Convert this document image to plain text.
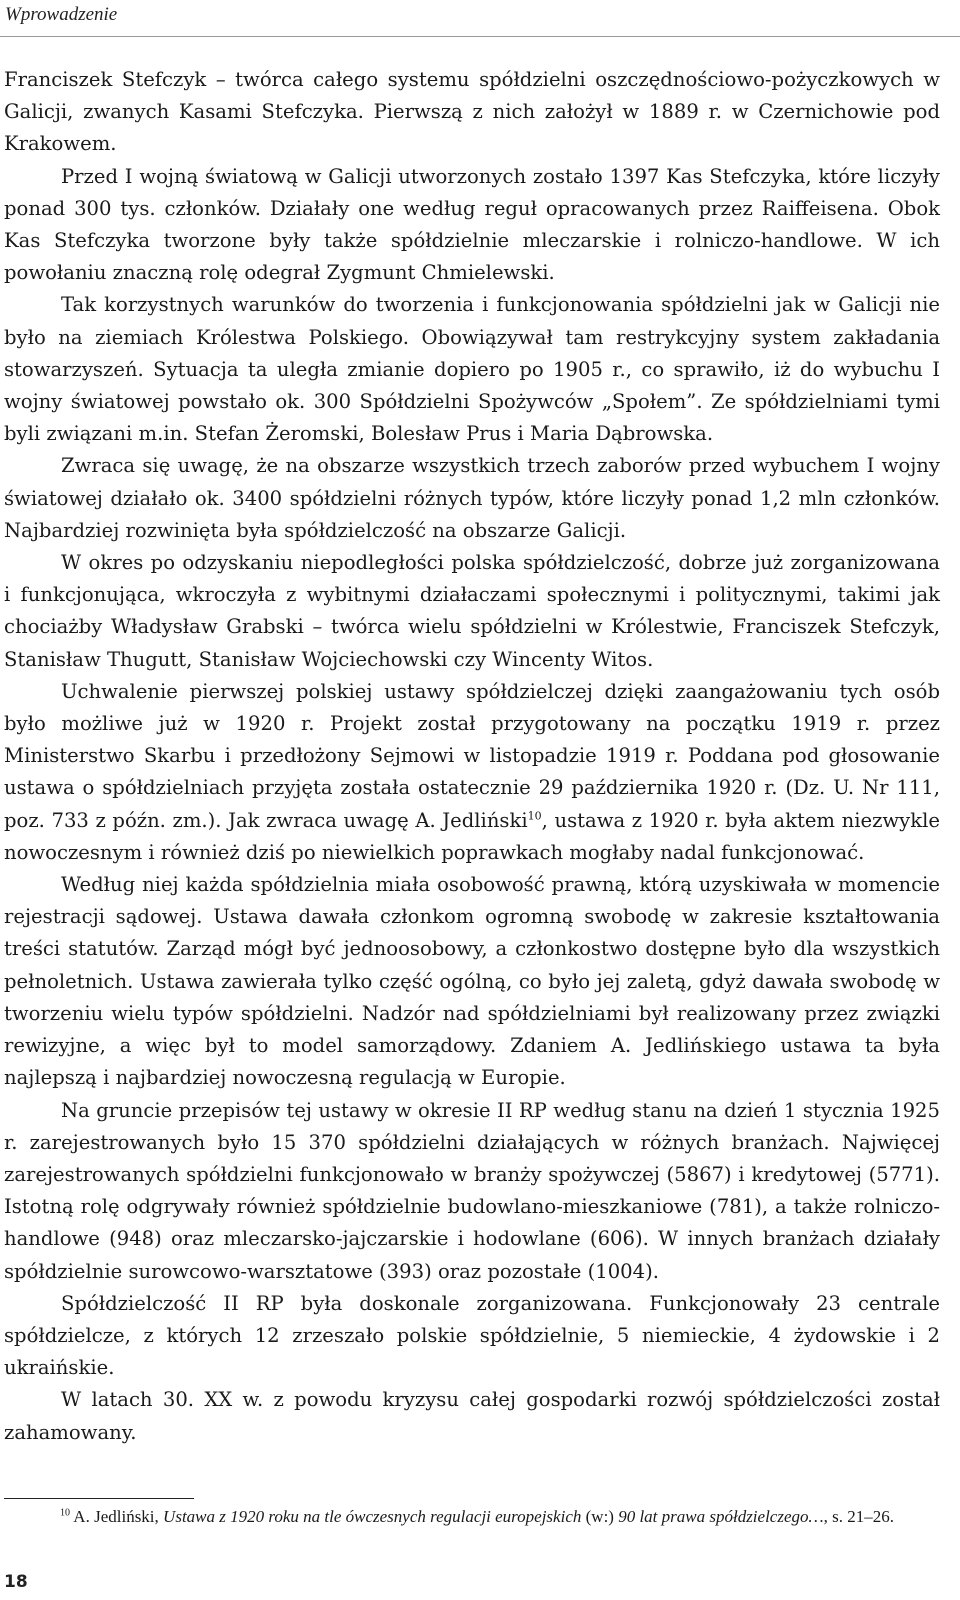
Wprowadzenie

Franciszek Stefczyk – twórca całego systemu spółdzielni oszczędnościowo-pożyczkowych w Galicji, zwanych Kasami Stefczyka. Pierwszą z nich założył w 1889 r. w Czernichowie pod Krakowem.

Przed I wojną światową w Galicji utworzonych zostało 1397 Kas Stefczyka, które liczyły ponad 300 tys. członków. Działały one według reguł opracowanych przez Raiffeisena. Obok Kas Stefczyka tworzone były także spółdzielnie mleczarskie i rolniczo-handlowe. W ich powołaniu znaczną rolę odegrał Zygmunt Chmielewski.

Tak korzystnych warunków do tworzenia i funkcjonowania spółdzielni jak w Galicji nie było na ziemiach Królestwa Polskiego. Obowiązywał tam restrykcyjny system zakładania stowarzyszeń. Sytuacja ta uległa zmianie dopiero po 1905 r., co sprawiło, iż do wybuchu I wojny światowej powstało ok. 300 Spółdzielni Spożywców „Społem”. Ze spółdzielniami tymi byli związani m.in. Stefan Żeromski, Bolesław Prus i Maria Dąbrowska.

Zwraca się uwagę, że na obszarze wszystkich trzech zaborów przed wybuchem I wojny światowej działało ok. 3400 spółdzielni różnych typów, które liczyły ponad 1,2 mln członków. Najbardziej rozwinięta była spółdzielczość na obszarze Galicji.

W okres po odzyskaniu niepodległości polska spółdzielczość, dobrze już zorganizowana i funkcjonująca, wkroczyła z wybitnymi działaczami społecznymi i politycznymi, takimi jak chociażby Władysław Grabski – twórca wielu spółdzielni w Królestwie, Franciszek Stefczyk, Stanisław Thugutt, Stanisław Wojciechowski czy Wincenty Witos.

Uchwalenie pierwszej polskiej ustawy spółdzielczej dzięki zaangażowaniu tych osób było możliwe już w 1920 r. Projekt został przygotowany na początku 1919 r. przez Ministerstwo Skarbu i przedłożony Sejmowi w listopadzie 1919 r. Poddana pod głosowanie ustawa o spółdzielniach przyjęta została ostatecznie 29 października 1920 r. (Dz. U. Nr 111, poz. 733 z późn. zm.). Jak zwraca uwagę A. Jedliński$^{10}$, ustawa z 1920 r. była aktem niezwykle nowoczesnym i również dziś po niewielkich poprawkach mogłaby nadal funkcjonować.

Według niej każda spółdzielnia miała osobowość prawną, którą uzyskiwała w momencie rejestracji sądowej. Ustawa dawała członkom ogromną swobodę w zakresie kształtowania treści statutów. Zarząd mógł być jednoosobowy, a członkostwo dostępne było dla wszystkich pełnoletnich. Ustawa zawierała tylko część ogólną, co było jej zaletą, gdyż dawała swobodę w tworzeniu wielu typów spółdzielni. Nadzór nad spółdzielniami był realizowany przez związki rewizyjne, a więc był to model samorządowy. Zdaniem A. Jedlińskiego ustawa ta była najlepszą i najbardziej nowoczesną regulacją w Europie.

Na gruncie przepisów tej ustawy w okresie II RP według stanu na dzień 1 stycznia 1925 r. zarejestrowanych było 15 370 spółdzielni działających w różnych branżach. Najwięcej zarejestrowanych spółdzielni funkcjonowało w branży spożywczej (5867) i kredytowej (5771). Istotną rolę odgrywały również spółdzielnie budowlano-mieszkaniowe (781), a także rolniczo-handlowe (948) oraz mleczarsko-jajczarskie i hodowlane (606). W innych branżach działały spółdzielnie surowcowo-warsztatowe (393) oraz pozostałe (1004).

Spółdzielczość II RP była doskonale zorganizowana. Funkcjonowały 23 centrale spółdzielcze, z których 12 zrzeszało polskie spółdzielnie, 5 niemieckie, 4 żydowskie i 2 ukraińskie.

W latach 30. XX w. z powodu kryzysu całej gospodarki rozwój spółdzielczości został zahamowany.

$^{10}$ A. Jedliński, Ustawa z 1920 roku na tle ówczesnych regulacji europejskich (w:) 90 lat prawa spółdzielczego…, s. 21–26.
18
